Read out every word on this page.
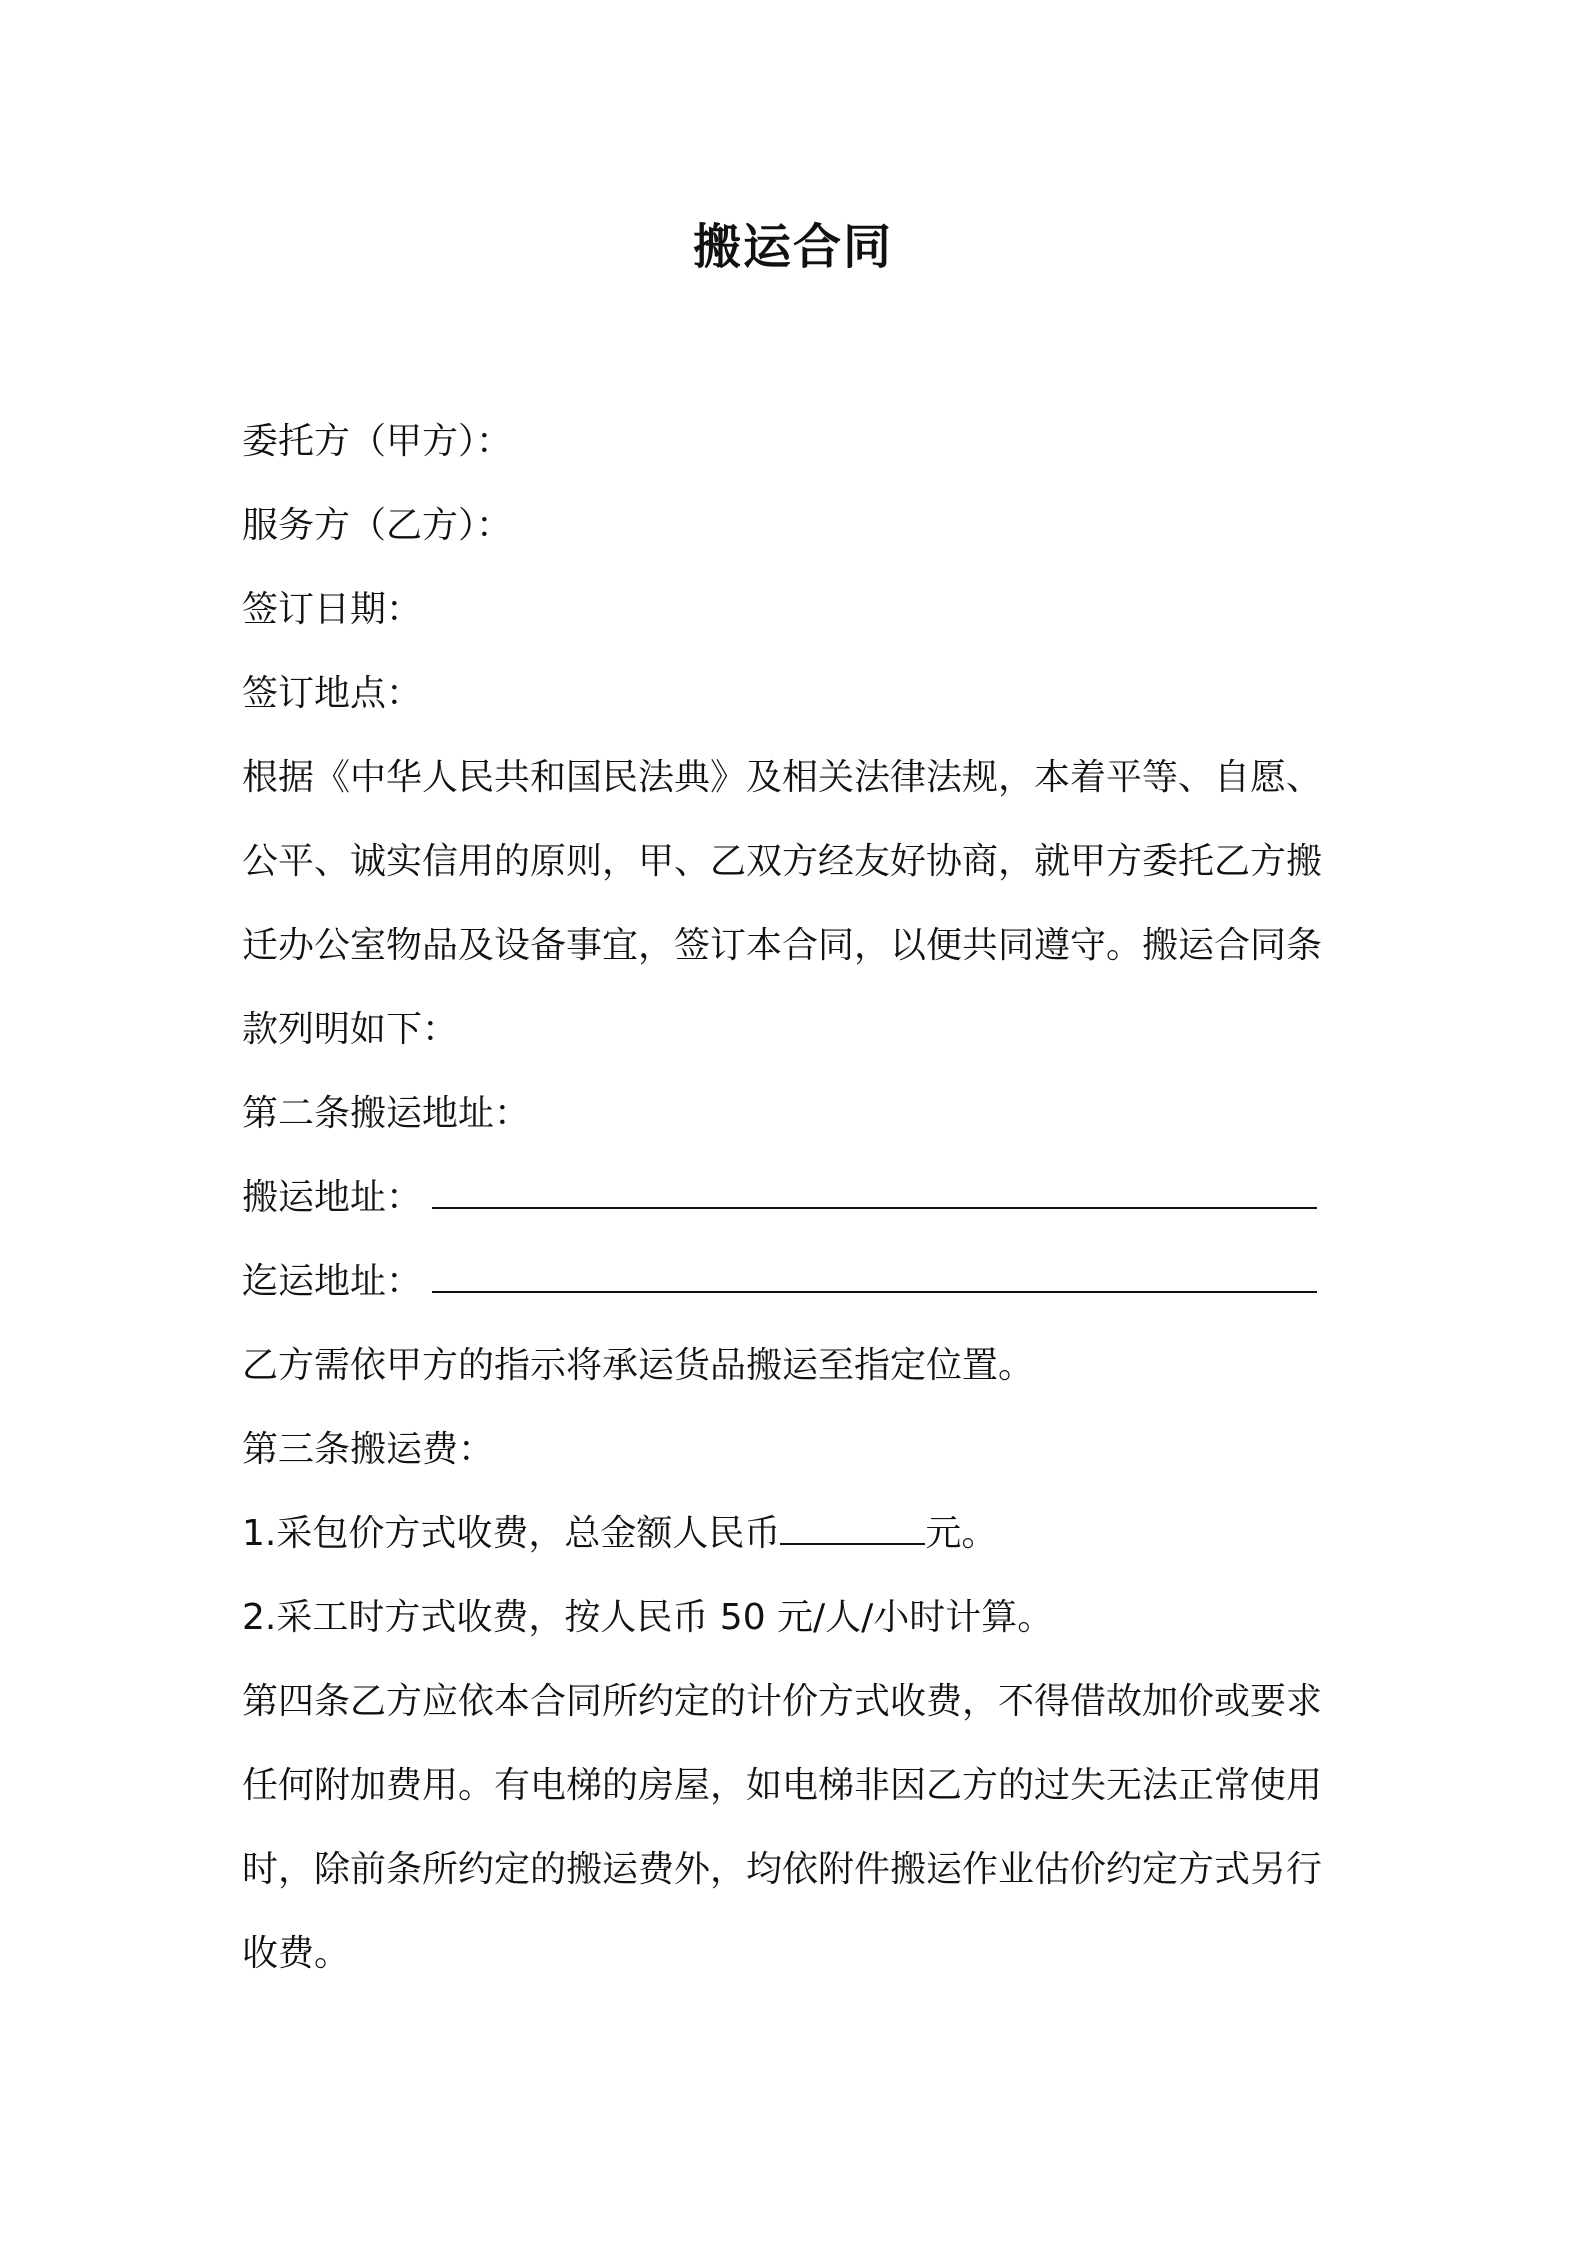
搬运合同
委托方（甲方）：
服务方（乙方）：
签订日期：
签订地点：
根据《中华人民共和国民法典》及相关法律法规，本着平等、自愿、
公平、诚实信用的原则，甲、乙双方经友好协商，就甲方委托乙方搬
迁办公室物品及设备事宜，签订本合同，以便共同遵守。搬运合同条
款列明如下：
第二条搬运地址：
搬运地址：
迄运地址：
乙方需依甲方的指示将承运货品搬运至指定位置。
第三条搬运费：
1.采包价方式收费，总金额人民币	元。
2.采工时方式收费，按人民币 50 元/人/小时计算。
第四条乙方应依本合同所约定的计价方式收费，不得借故加价或要求
任何附加费用。有电梯的房屋，如电梯非因乙方的过失无法正常使用
时，除前条所约定的搬运费外，均依附件搬运作业估价约定方式另行
收费。
